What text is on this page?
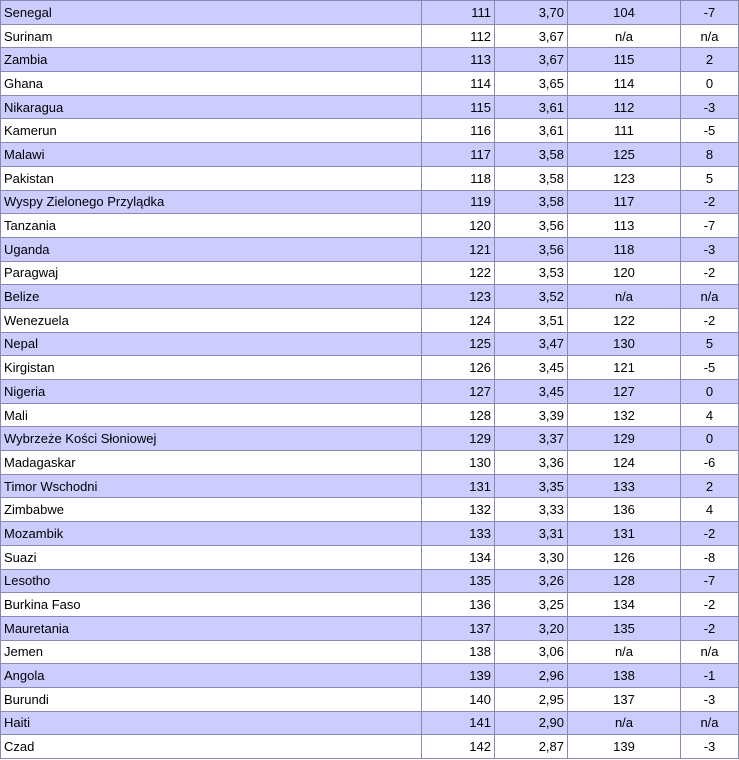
Senegal	111	3,70	104	-7
Surinam	112	3,67	n/a	n/a
Zambia	113	3,67	115	2
Ghana	114	3,65	114	0
Nikaragua	115	3,61	112	-3
Kamerun	116	3,61	111	-5
Malawi	117	3,58	125	8
Pakistan	118	3,58	123	5
Wyspy Zielonego Przylądka	119	3,58	117	-2
Tanzania	120	3,56	113	-7
Uganda	121	3,56	118	-3
Paragwaj	122	3,53	120	-2
Belize	123	3,52	n/a	n/a
Wenezuela	124	3,51	122	-2
Nepal	125	3,47	130	5
Kirgistan	126	3,45	121	-5
Nigeria	127	3,45	127	0
Mali	128	3,39	132	4
Wybrzeże Kości Słoniowej	129	3,37	129	0
Madagaskar	130	3,36	124	-6
Timor Wschodni	131	3,35	133	2
Zimbabwe	132	3,33	136	4
Mozambik	133	3,31	131	-2
Suazi	134	3,30	126	-8
Lesotho	135	3,26	128	-7
Burkina Faso	136	3,25	134	-2
Mauretania	137	3,20	135	-2
Jemen	138	3,06	n/a	n/a
Angola	139	2,96	138	-1
Burundi	140	2,95	137	-3
Haiti	141	2,90	n/a	n/a
Czad	142	2,87	139	-3
